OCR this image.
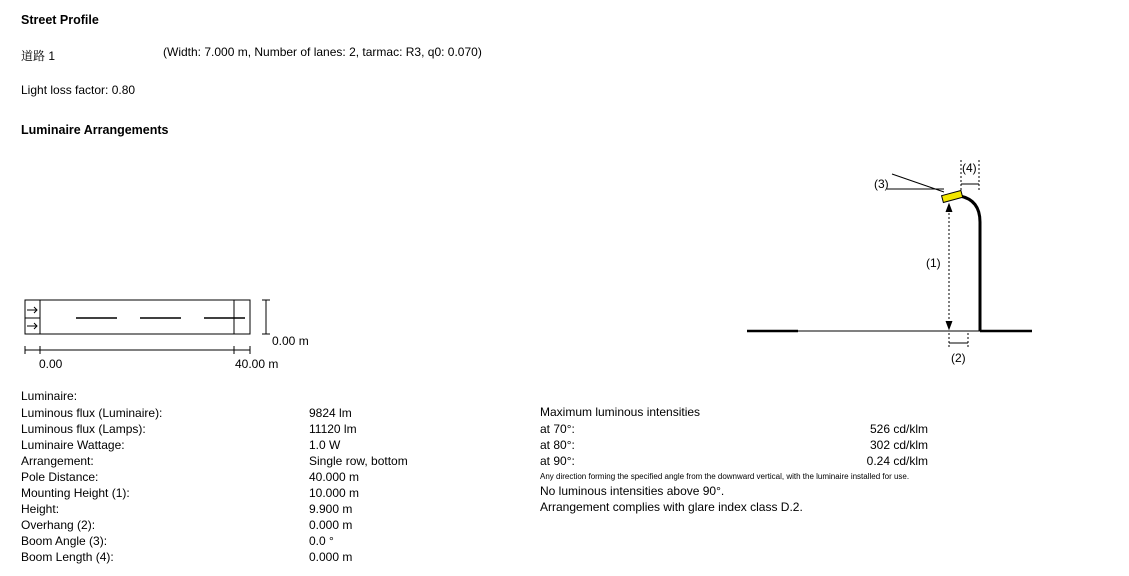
Street Profile
道路 1	(Width: 7.000 m, Number of lanes: 2, tarmac: R3, q0: 0.070)
Light loss factor: 0.80
Luminaire Arrangements
0.00 m
0.00	40.00 m
(3)
(4)
(1)
(2)
Luminaire:
Luminous flux (Luminaire):	9824 lm
Luminous flux (Lamps):	11120 lm
Luminaire Wattage:	1.0 W
Arrangement:	Single row, bottom
Pole Distance:	40.000 m
Mounting Height (1):	10.000 m
Height:	9.900 m
Overhang (2):	0.000 m
Boom Angle (3):	0.0 °
Boom Length (4):	0.000 m
Maximum luminous intensities
at 70°:	526 cd/klm
at 80°:	302 cd/klm
at 90°:	0.24 cd/klm
Any direction forming the specified angle from the downward vertical, with the luminaire installed for use.
No luminous intensities above 90°.
Arrangement complies with glare index class D.2.
